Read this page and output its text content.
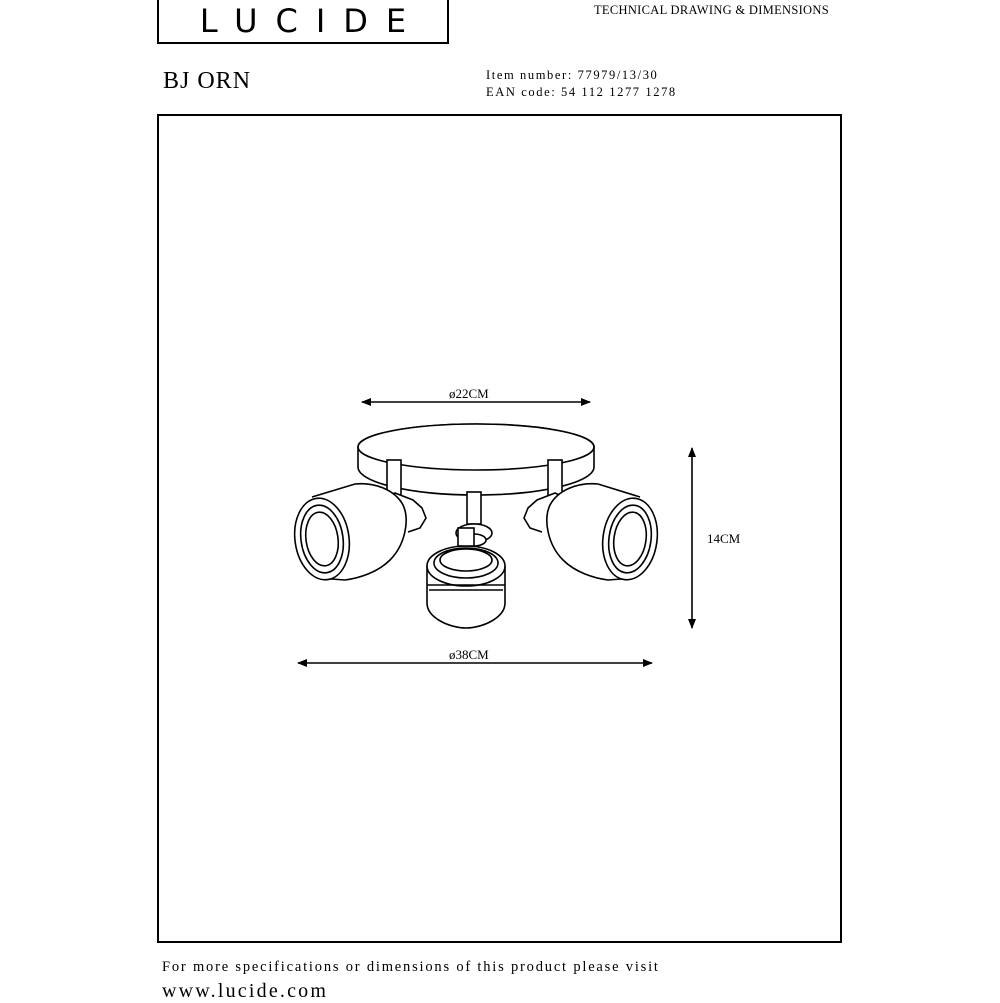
LUCIDE	TECHNICAL DRAWING & DIMENSIONS
BJ ORN	Item number: 77979/13/30
EAN code: 54 112 1277 1278
ø22CM
14CM
ø38CM
For more specifications or dimensions of this product please visit
www.lucide.com
